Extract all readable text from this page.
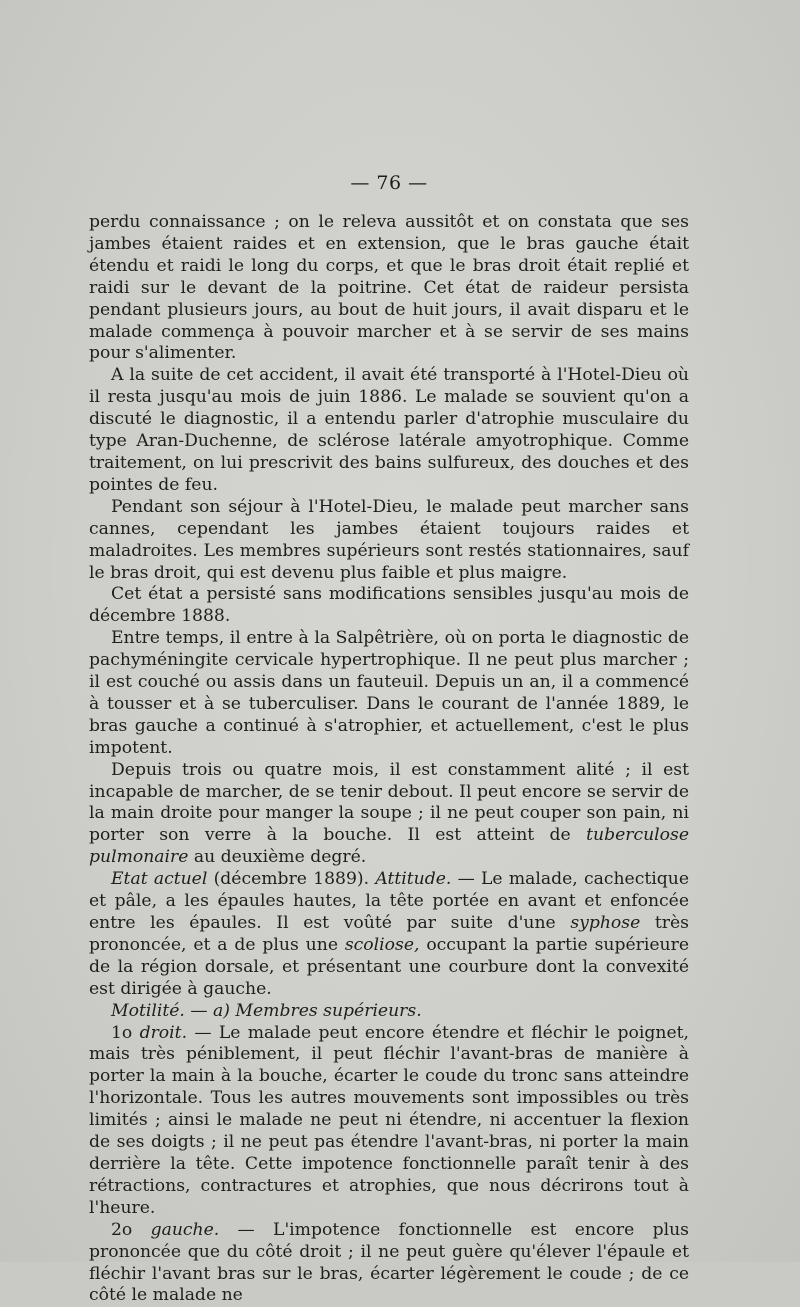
— 76 —

perdu connaissance ; on le releva aussitôt et on constata que ses jambes étaient raides et en extension, que le bras gauche était étendu et raidi le long du corps, et que le bras droit était replié et raidi sur le devant de la poitrine. Cet état de raideur persista pendant plusieurs jours, au bout de huit jours, il avait disparu et le malade commença à pouvoir marcher et à se servir de ses mains pour s'alimenter.

A la suite de cet accident, il avait été transporté à l'Hotel-Dieu où il resta jusqu'au mois de juin 1886. Le malade se souvient qu'on a discuté le diagnostic, il a entendu parler d'atrophie musculaire du type Aran-Duchenne, de sclérose latérale amyotrophique. Comme traitement, on lui prescrivit des bains sulfureux, des douches et des pointes de feu.

Pendant son séjour à l'Hotel-Dieu, le malade peut marcher sans cannes, cependant les jambes étaient toujours raides et maladroites. Les membres supérieurs sont restés stationnaires, sauf le bras droit, qui est devenu plus faible et plus maigre.

Cet état a persisté sans modifications sensibles jusqu'au mois de décembre 1888.

Entre temps, il entre à la Salpêtrière, où on porta le diagnostic de pachyméningite cervicale hypertrophique. Il ne peut plus marcher ; il est couché ou assis dans un fauteuil. Depuis un an, il a commencé à tousser et à se tuberculiser. Dans le courant de l'année 1889, le bras gauche a continué à s'atrophier, et actuellement, c'est le plus impotent.

Depuis trois ou quatre mois, il est constamment alité ; il est incapable de marcher, de se tenir debout. Il peut encore se servir de la main droite pour manger la soupe ; il ne peut couper son pain, ni porter son verre à la bouche. Il est atteint de tuberculose pulmonaire au deuxième degré.

Etat actuel (décembre 1889). Attitude. — Le malade, cachectique et pâle, a les épaules hautes, la tête portée en avant et enfoncée entre les épaules. Il est voûté par suite d'une syphose très prononcée, et a de plus une scoliose, occupant la partie supérieure de la région dorsale, et présentant une courbure dont la convexité est dirigée à gauche.

Motilité. — a) Membres supérieurs.

1o droit. — Le malade peut encore étendre et fléchir le poignet, mais très péniblement, il peut fléchir l'avant-bras de manière à porter la main à la bouche, écarter le coude du tronc sans atteindre l'horizontale. Tous les autres mouvements sont impossibles ou très limités ; ainsi le malade ne peut ni étendre, ni accentuer la flexion de ses doigts ; il ne peut pas étendre l'avant-bras, ni porter la main derrière la tête. Cette impotence fonctionnelle paraît tenir à des rétractions, contractures et atrophies, que nous décrirons tout à l'heure.

2o gauche. — L'impotence fonctionnelle est encore plus prononcée que du côté droit ; il ne peut guère qu'élever l'épaule et fléchir l'avant bras sur le bras, écarter légèrement le coude ; de ce côté le malade ne
